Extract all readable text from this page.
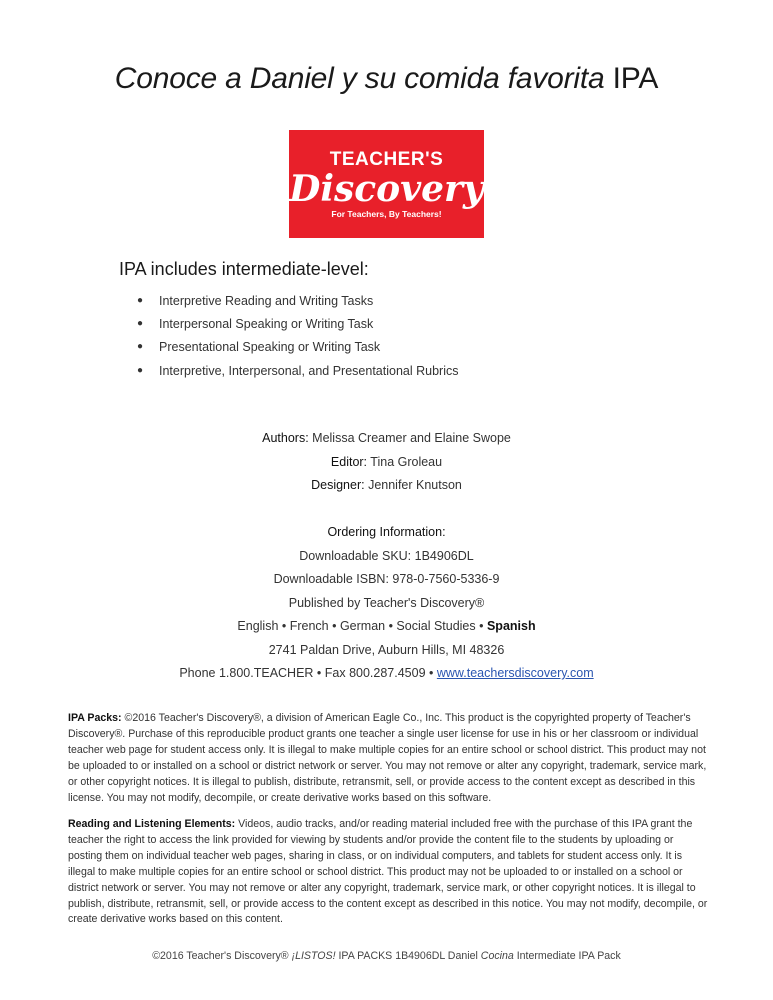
Conoce a Daniel y su comida favorita IPA
TEACHER'S
Discovery
For Teachers, By Teachers!
IPA includes intermediate-level:
●	Interpretive Reading and Writing Tasks
●	Interpersonal Speaking or Writing Task
●	Presentational Speaking or Writing Task
●	Interpretive, Interpersonal, and Presentational Rubrics
Authors: Melissa Creamer and Elaine Swope
Editor: Tina Groleau
Designer: Jennifer Knutson
Ordering Information:
Downloadable SKU: 1B4906DL
Downloadable ISBN: 978-0-7560-5336-9
Published by Teacher's Discovery®
English • French • German • Social Studies • Spanish
2741 Paldan Drive, Auburn Hills, MI 48326
Phone 1.800.TEACHER • Fax 800.287.4509 • www.teachersdiscovery.com
IPA Packs: ©2016 Teacher's Discovery®, a division of American Eagle Co., Inc. This product is the copyrighted property of Teacher's Discovery®. Purchase of this reproducible product grants one teacher a single user license for use in his or her classroom or individual teacher web page for student access only. It is illegal to make multiple copies for an entire school or school district. This product may not be uploaded to or installed on a school or district network or server. You may not remove or alter any copyright, trademark, service mark, or other copyright notices. It is illegal to publish, distribute, retransmit, sell, or provide access to the content except as described in this license. You may not modify, decompile, or create derivative works based on this software.
Reading and Listening Elements: Videos, audio tracks, and/or reading material included free with the purchase of this IPA grant the teacher the right to access the link provided for viewing by students and/or provide the content file to the students by uploading or posting them on individual teacher web pages, sharing in class, or on individual computers, and tablets for student access only. It is illegal to make multiple copies for an entire school or school district. This product may not be uploaded to or installed on a school or district network or server. You may not remove or alter any copyright, trademark, service mark, or other copyright notices. It is illegal to publish, distribute, retransmit, sell, or provide access to the content except as described in this notice. You may not modify, decompile, or create derivative works based on this content.
©2016 Teacher's Discovery® ¡LISTOS! IPA PACKS 1B4906DL Daniel Cocina Intermediate IPA Pack
